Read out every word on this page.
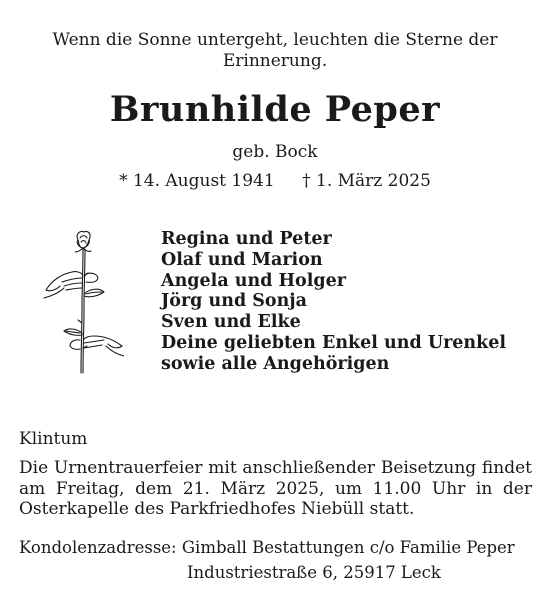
Wenn die Sonne untergeht, leuchten die Sterne der
Erinnerung.
Brunhilde Peper
geb. Bock
* 14. August 1941 † 1. März 2025
Regina und Peter
Olaf und Marion
Angela und Holger
Jörg und Sonja
Sven und Elke
Deine geliebten Enkel und Urenkel
sowie alle Angehörigen
Klintum
Die Urnentrauerfeier mit anschließender Beisetzung findet am Freitag, dem 21. März 2025, um 11.00 Uhr in der Osterkapelle des Parkfriedhofes Niebüll statt.
Kondolenzadresse: Gimball Bestattungen c/o Familie Peper
Industriestraße 6, 25917 Leck
